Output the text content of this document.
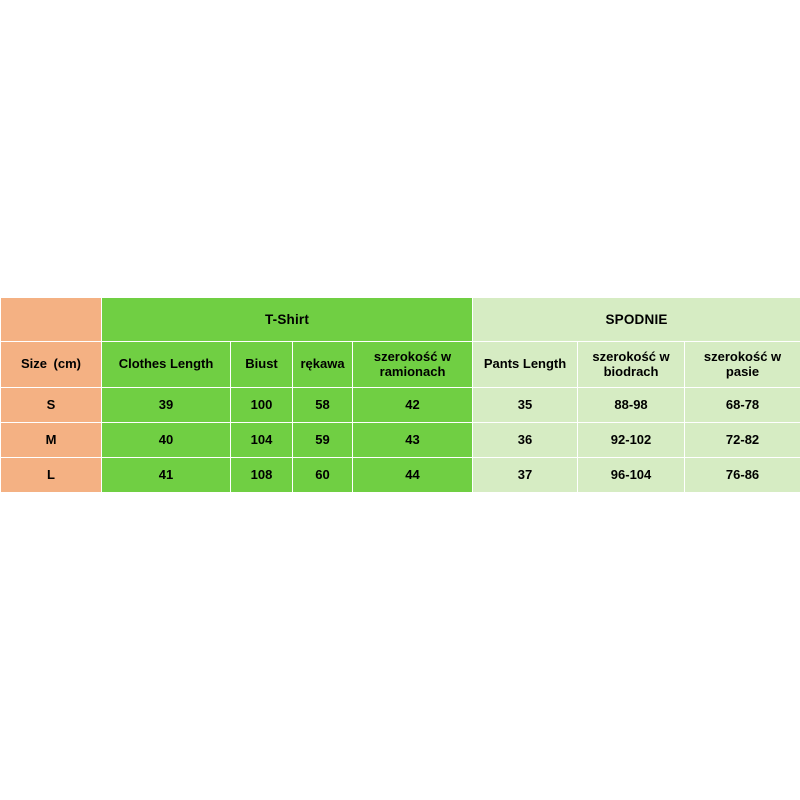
	T-Shirt				SPODNIE		
Size (cm)	Clothes Length	Biust	rękawa	szerokość w ramionach	Pants Length	szerokość w biodrach	szerokość w pasie
S	39	100	58	42	35	88-98	68-78
M	40	104	59	43	36	92-102	72-82
L	41	108	60	44	37	96-104	76-86
